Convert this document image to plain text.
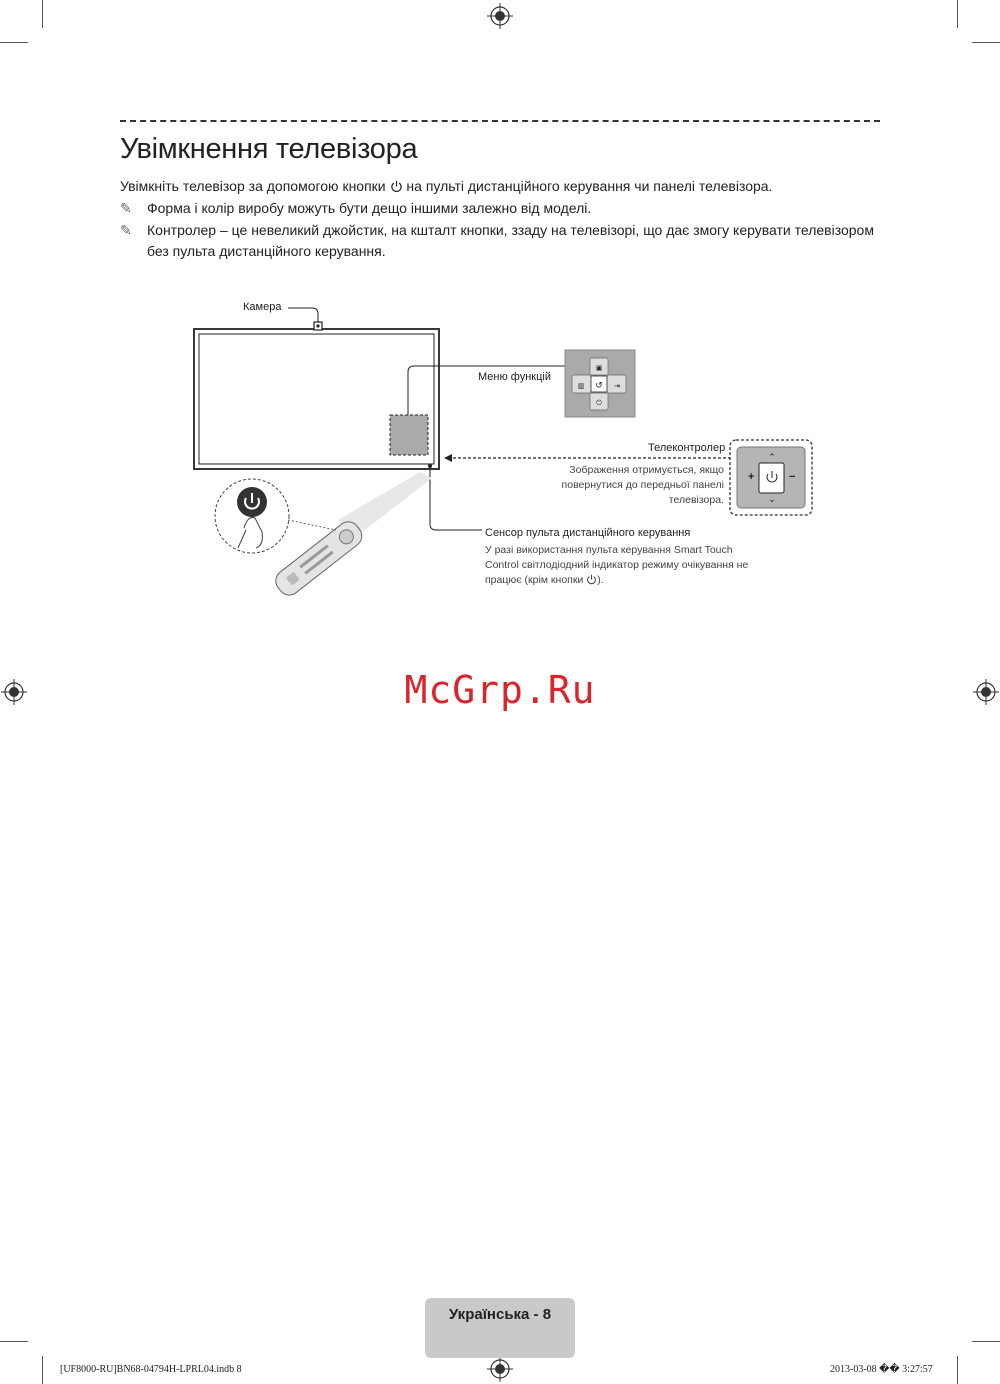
Увімкнення телевізора
Увімкніть телевізор за допомогою кнопки на пульті дистанційного керування чи панелі телевізора.
✎ Форма і колір виробу можуть бути дещо іншими залежно від моделі.
✎ Контролер – це невеликий джойстик, на кшталт кнопки, ззаду на телевізорі, що дає змогу керувати телевізором без пульта дистанційного керування.
↺
▣
▥	⇥
⏻
⌃
⌄
Камера
Меню функцій
Телеконтролер
Зображення отримується, якщо
повернутися до передньої панелі
телевізора.
+	−
Сенсор пульта дистанційного керування
У разі використання пульта керування Smart Touch
Control світлодіодний індикатор режиму очікування не
працює (крім кнопки ).
McGrp.Ru
Українська - 8
[UF8000-RU]BN68-04794H-LPRL04.indb 8	2013-03-08 �� 3:27:57
